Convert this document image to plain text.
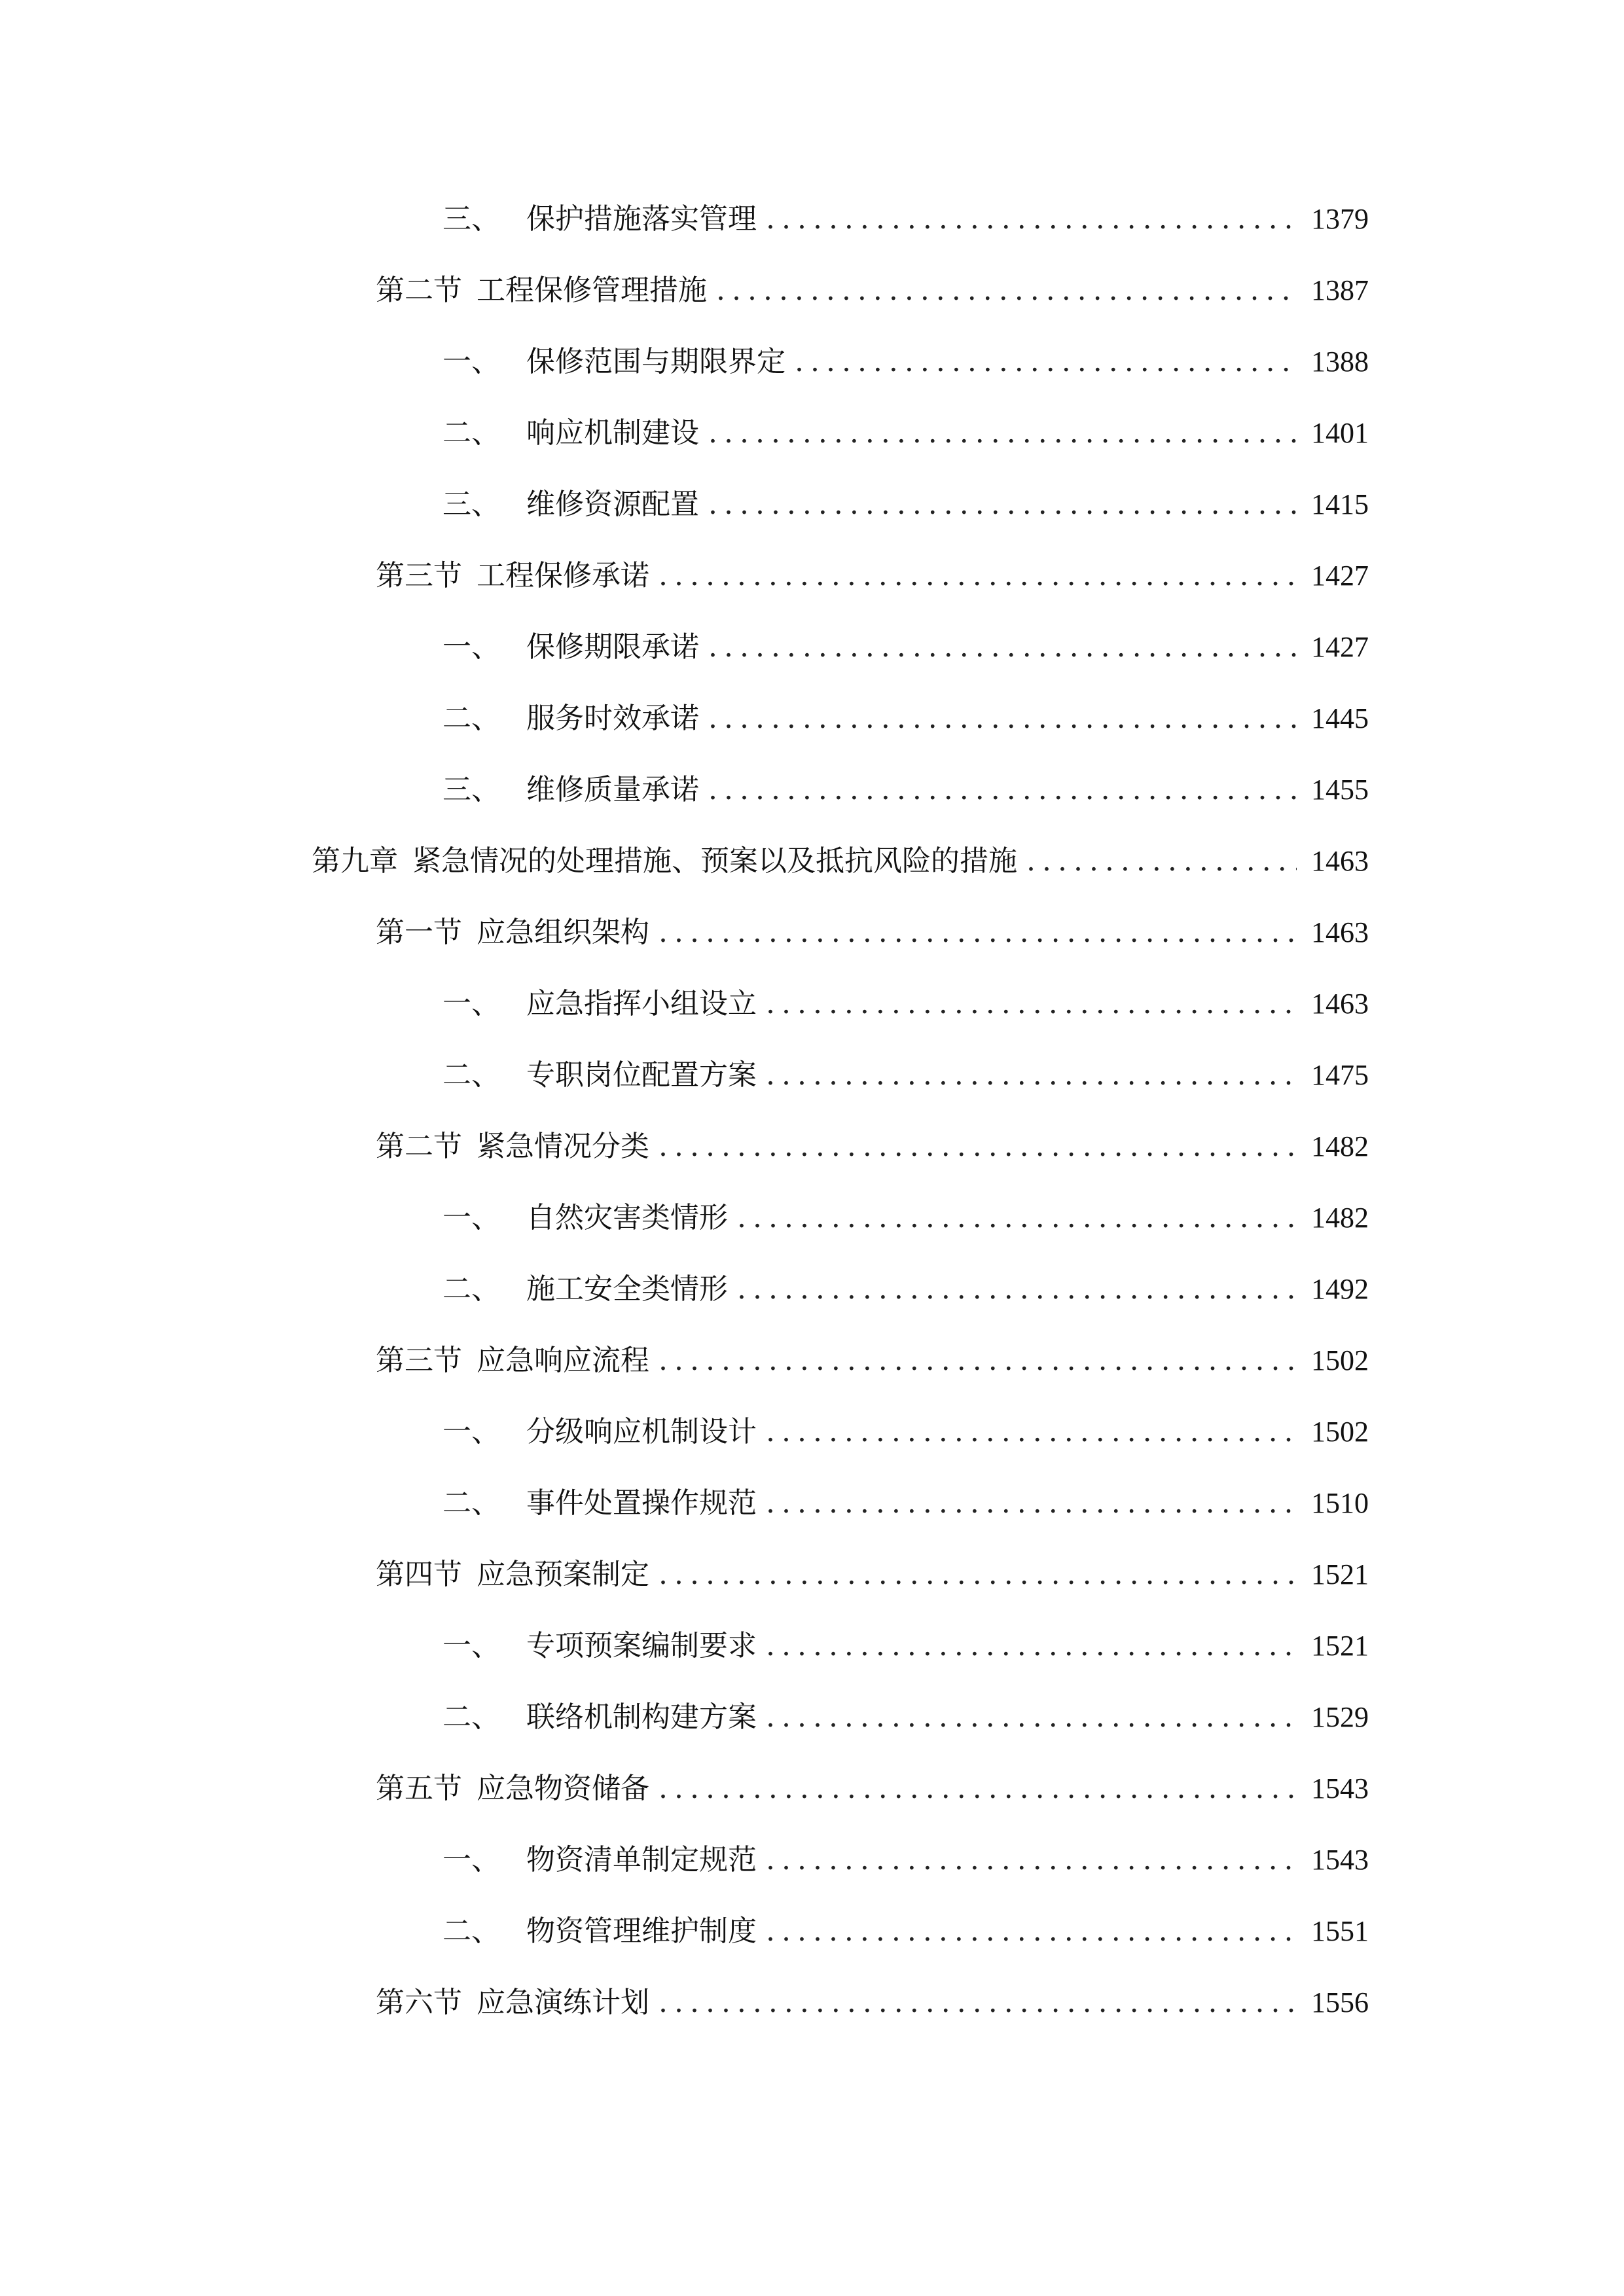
三、 保护措施落实管理 .....	1379
第二节 工程保修管理措施 .....	1387
一、 保修范围与期限界定 .....	1388
二、 响应机制建设 .....	1401
三、 维修资源配置 .....	1415
第三节 工程保修承诺 .....	1427
一、 保修期限承诺 .....	1427
二、 服务时效承诺 .....	1445
三、 维修质量承诺 .....	1455
第九章 紧急情况的处理措施、预案以及抵抗风险的措施 .....	1463
第一节 应急组织架构 .....	1463
一、 应急指挥小组设立 .....	1463
二、 专职岗位配置方案 .....	1475
第二节 紧急情况分类 .....	1482
一、 自然灾害类情形 .....	1482
二、 施工安全类情形 .....	1492
第三节 应急响应流程 .....	1502
一、 分级响应机制设计 .....	1502
二、 事件处置操作规范 .....	1510
第四节 应急预案制定 .....	1521
一、 专项预案编制要求 .....	1521
二、 联络机制构建方案 .....	1529
第五节 应急物资储备 .....	1543
一、 物资清单制定规范 .....	1543
二、 物资管理维护制度 .....	1551
第六节 应急演练计划 .....	1556
